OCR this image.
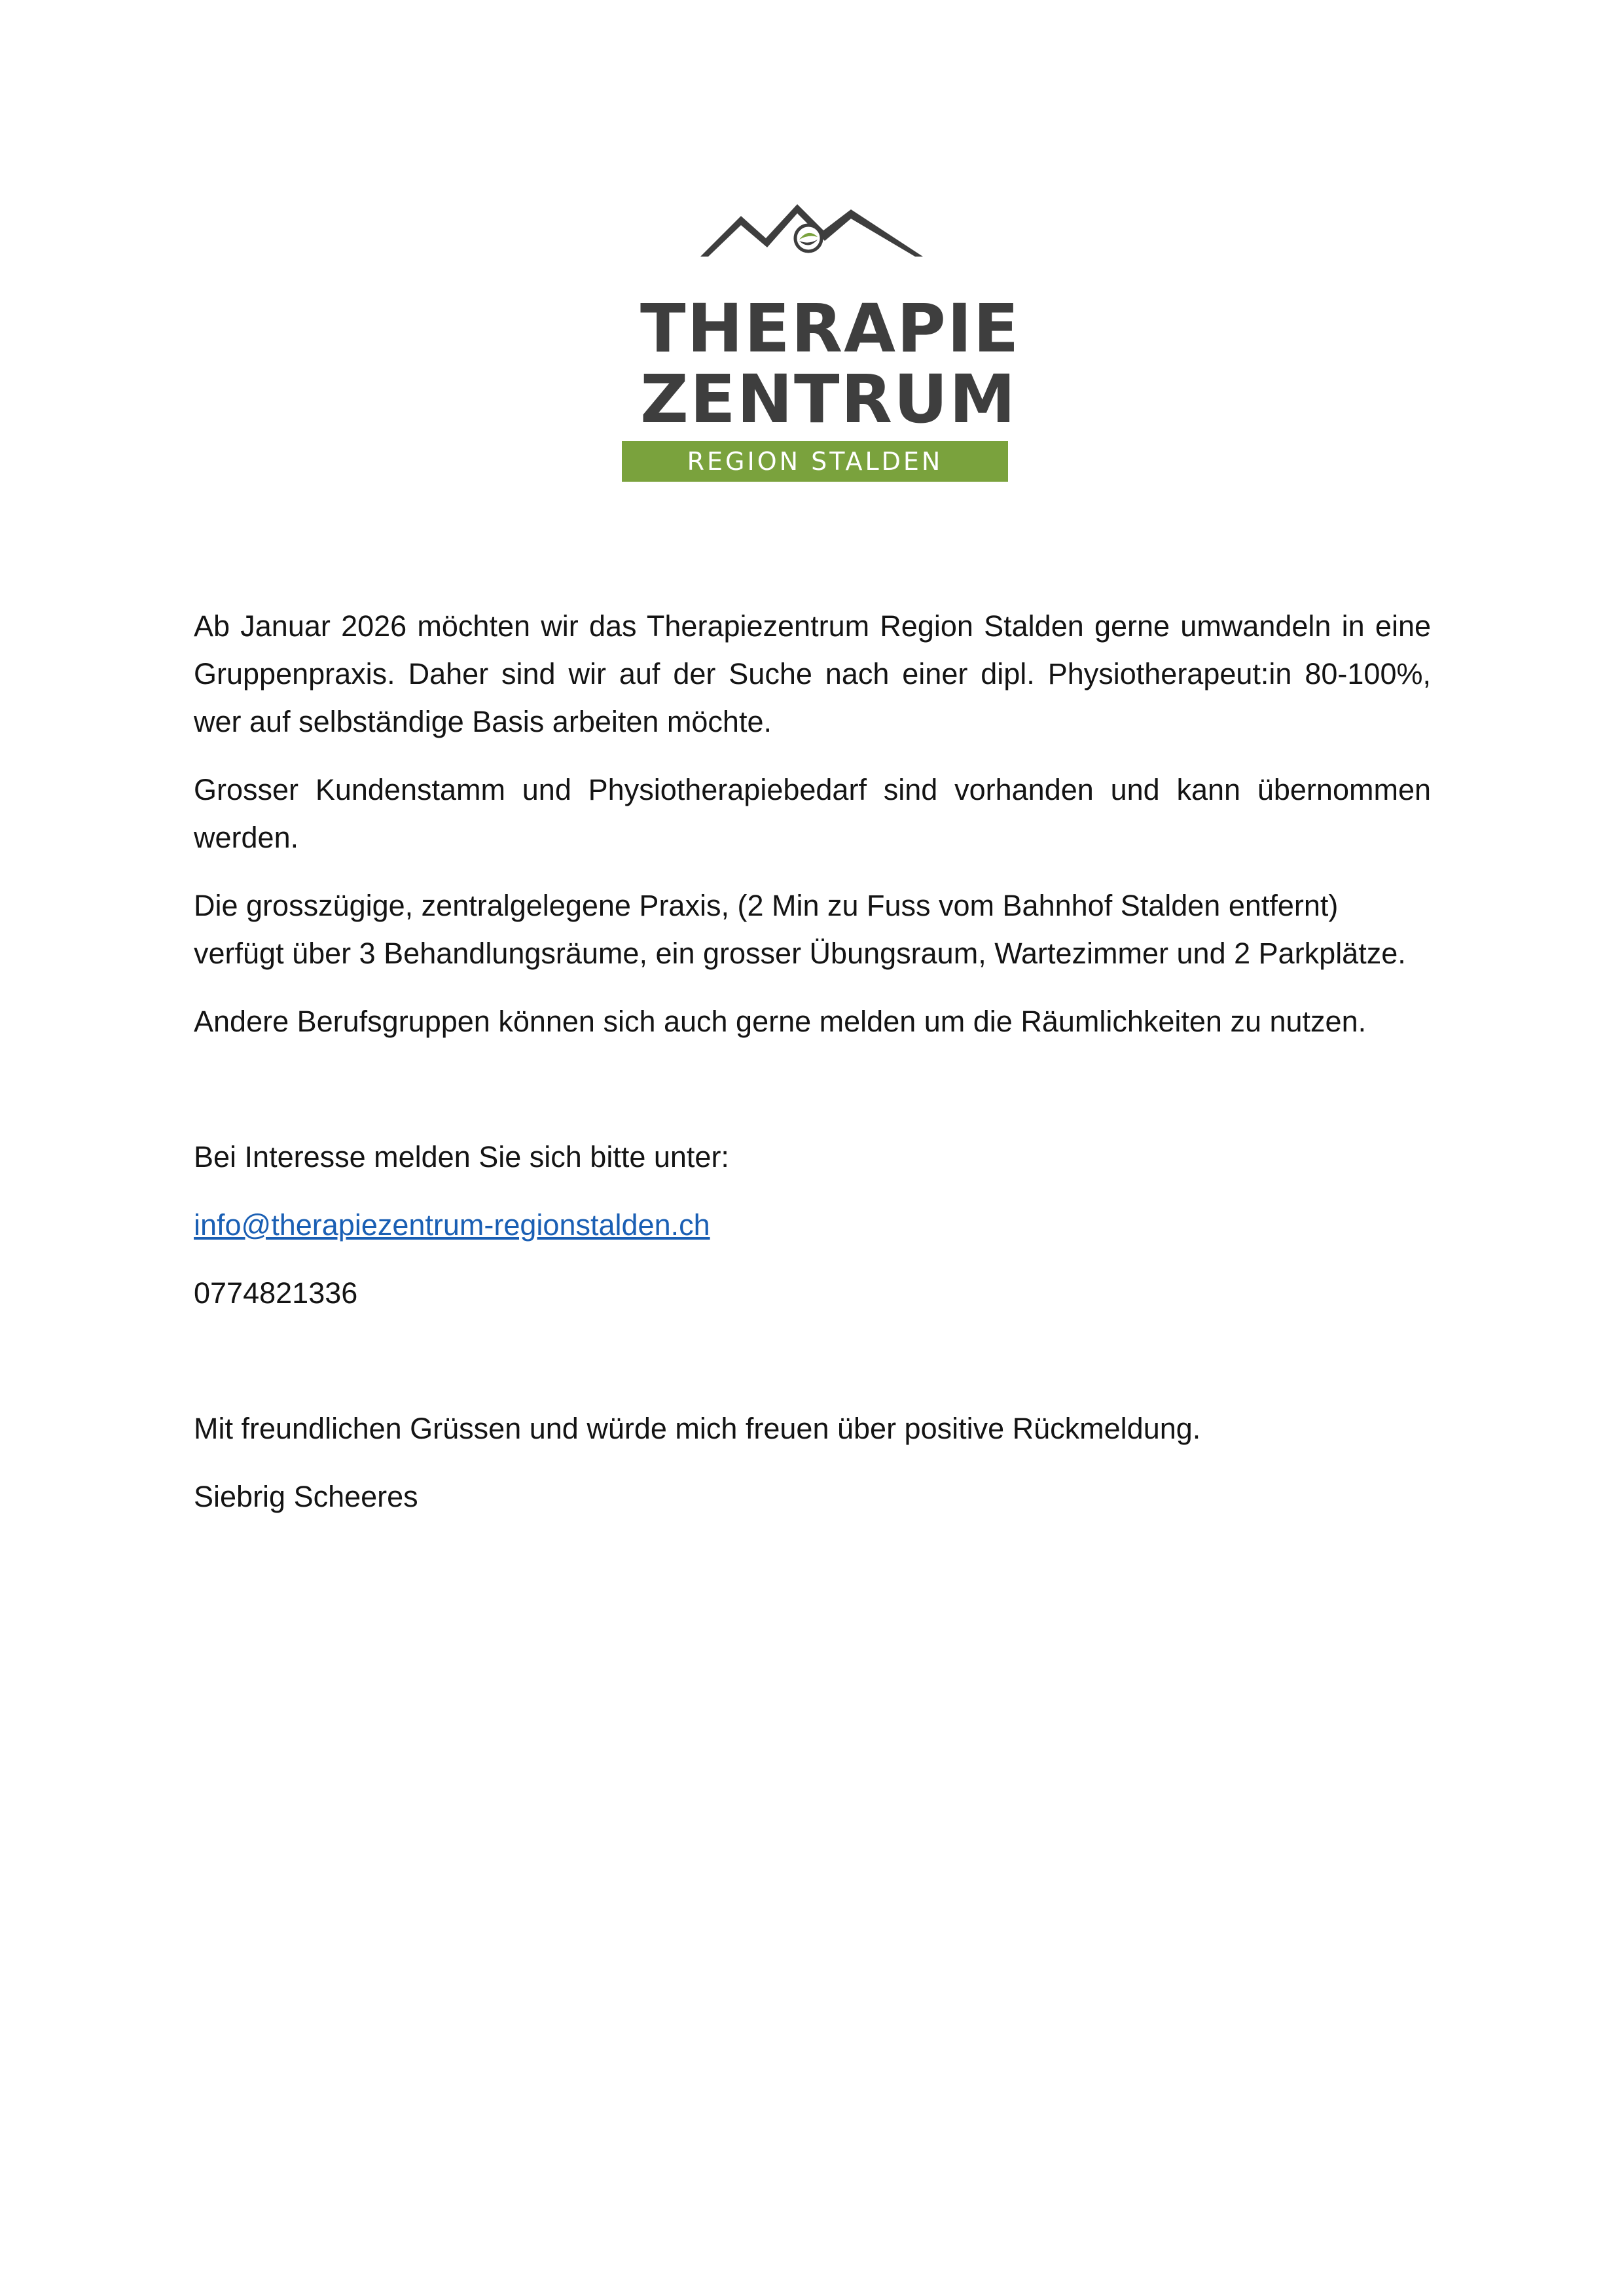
THERAPIE
ZENTRUM
REGION STALDEN

Ab Januar 2026 möchten wir das Therapiezentrum Region Stalden gerne umwandeln in eine Gruppenpraxis. Daher sind wir auf der Suche nach einer dipl. Physiotherapeut:in 80-100%, wer auf selbständige Basis arbeiten möchte.

Grosser Kundenstamm und Physiotherapiebedarf sind vorhanden und kann übernommen werden.

Die grosszügige, zentralgelegene Praxis, (2 Min zu Fuss vom Bahnhof Stalden entfernt) verfügt über 3 Behandlungsräume, ein grosser Übungsraum, Wartezimmer und 2 Parkplätze.

Andere Berufsgruppen können sich auch gerne melden um die Räumlichkeiten zu nutzen.

Bei Interesse melden Sie sich bitte unter:

info@therapiezentrum-regionstalden.ch

0774821336

Mit freundlichen Grüssen und würde mich freuen über positive Rückmeldung.

Siebrig Scheeres
